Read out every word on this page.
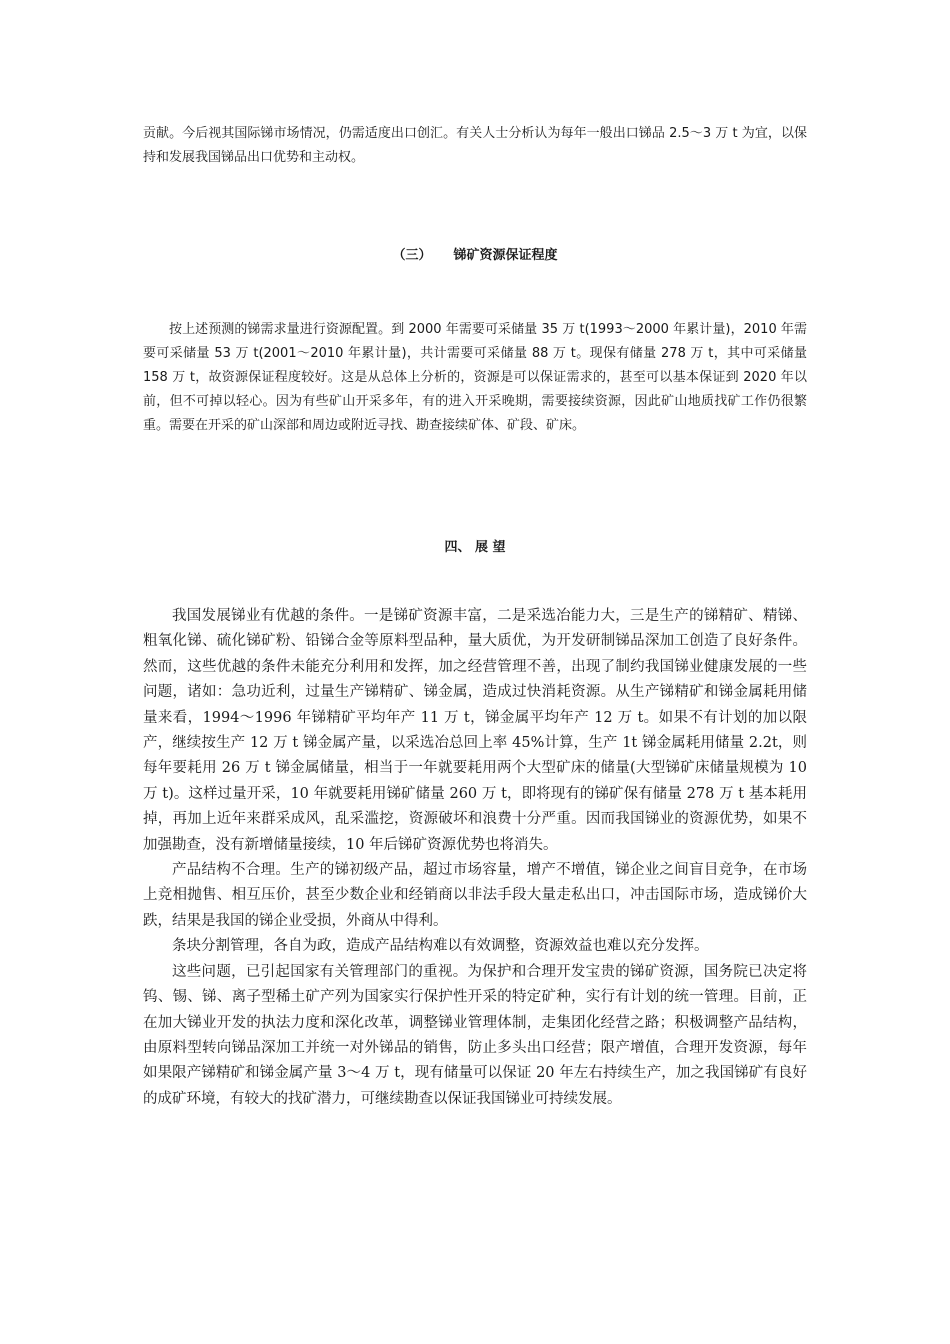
贡献。今后视其国际锑市场情况，仍需适度出口创汇。有关人士分析认为每年一般出口锑品 2.5～3 万 t 为宜，以保持和发展我国锑品出口优势和主动权。

（三） 锑矿资源保证程度

按上述预测的锑需求量进行资源配置。到 2000 年需要可采储量 35 万 t(1993～2000 年累计量)，2010 年需要可采储量 53 万 t(2001～2010 年累计量)，共计需要可采储量 88 万 t。现保有储量 278 万 t，其中可采储量 158 万 t，故资源保证程度较好。这是从总体上分析的，资源是可以保证需求的，甚至可以基本保证到 2020 年以前，但不可掉以轻心。因为有些矿山开采多年，有的进入开采晚期，需要接续资源，因此矿山地质找矿工作仍很繁重。需要在开采的矿山深部和周边或附近寻找、勘查接续矿体、矿段、矿床。

四、 展 望

我国发展锑业有优越的条件。一是锑矿资源丰富，二是采选冶能力大，三是生产的锑精矿、精锑、粗氧化锑、硫化锑矿粉、铅锑合金等原料型品种，量大质优，为开发研制锑品深加工创造了良好条件。然而，这些优越的条件未能充分利用和发挥，加之经营管理不善，出现了制约我国锑业健康发展的一些问题，诸如：急功近利，过量生产锑精矿、锑金属，造成过快消耗资源。从生产锑精矿和锑金属耗用储量来看，1994～1996 年锑精矿平均年产 11 万 t，锑金属平均年产 12 万 t。如果不有计划的加以限产，继续按生产 12 万 t 锑金属产量，以采选冶总回上率 45%计算，生产 1t 锑金属耗用储量 2.2t，则每年要耗用 26 万 t 锑金属储量，相当于一年就要耗用两个大型矿床的储量(大型锑矿床储量规模为 10 万 t)。这样过量开采，10 年就要耗用锑矿储量 260 万 t，即将现有的锑矿保有储量 278 万 t 基本耗用掉，再加上近年来群采成风，乱采滥挖，资源破坏和浪费十分严重。因而我国锑业的资源优势，如果不加强勘查，没有新增储量接续，10 年后锑矿资源优势也将消失。

产品结构不合理。生产的锑初级产品，超过市场容量，增产不增值，锑企业之间盲目竞争，在市场上竞相抛售、相互压价，甚至少数企业和经销商以非法手段大量走私出口，冲击国际市场，造成锑价大跌，结果是我国的锑企业受损，外商从中得利。

条块分割管理，各自为政，造成产品结构难以有效调整，资源效益也难以充分发挥。

这些问题，已引起国家有关管理部门的重视。为保护和合理开发宝贵的锑矿资源，国务院已决定将钨、锡、锑、离子型稀土矿产列为国家实行保护性开采的特定矿种，实行有计划的统一管理。目前，正在加大锑业开发的执法力度和深化改革，调整锑业管理体制，走集团化经营之路；积极调整产品结构，由原料型转向锑品深加工并统一对外锑品的销售，防止多头出口经营；限产增值，合理开发资源，每年如果限产锑精矿和锑金属产量 3～4 万 t，现有储量可以保证 20 年左右持续生产，加之我国锑矿有良好的成矿环境，有较大的找矿潜力，可继续勘查以保证我国锑业可持续发展。
